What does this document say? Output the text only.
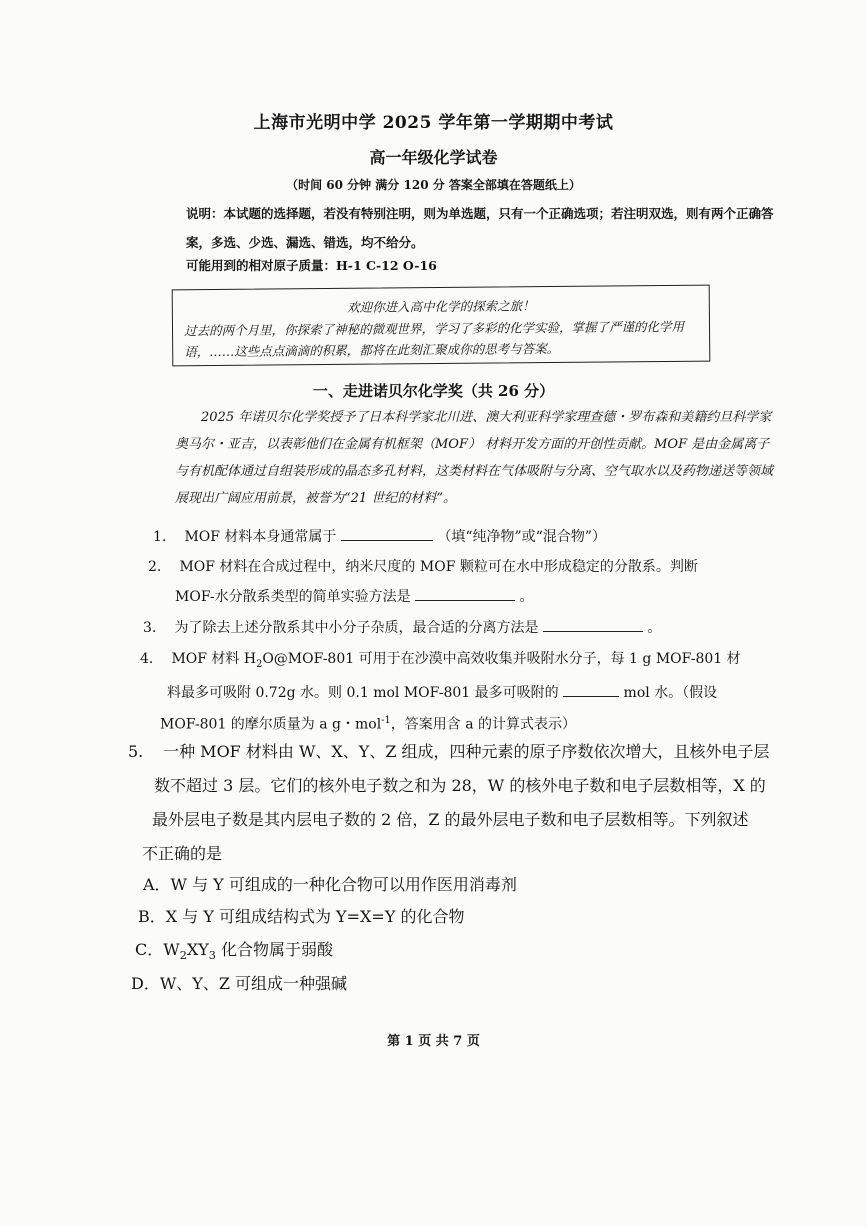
上海市光明中学 2025 学年第一学期期中考试
高一年级化学试卷
（时间 60 分钟 满分 120 分 答案全部填在答题纸上）
说明：本试题的选择题，若没有特别注明，则为单选题，只有一个正确选项；若注明双选，则有两个正确答案，多选、少选、漏选、错选，均不给分。
可能用到的相对原子质量：H-1 C-12 O-16
欢迎你进入高中化学的探索之旅！
过去的两个月里，你探索了神秘的微观世界，学习了多彩的化学实验，掌握了严谨的化学用语，……这些点点滴滴的积累，都将在此刻汇聚成你的思考与答案。
一、走进诺贝尔化学奖（共 26 分）
2025 年诺贝尔化学奖授予了日本科学家北川进、澳大利亚科学家理查德・罗布森和美籍约旦科学家奥马尔・亚吉，以表彰他们在金属有机框架（MOF） 材料开发方面的开创性贡献。MOF 是由金属离子与有机配体通过自组装形成的晶态多孔材料，这类材料在气体吸附与分离、空气取水以及药物递送等领域展现出广阔应用前景，被誉为“21 世纪的材料”。
1. MOF 材料本身通常属于	（填“纯净物”或“混合物”）
2. MOF 材料在合成过程中，纳米尺度的 MOF 颗粒可在水中形成稳定的分散系。判断
MOF-水分散系类型的简单实验方法是	。
3. 为了除去上述分散系其中小分子杂质，最合适的分离方法是	。
4. MOF 材料 $H_2O@MOF-801$ 可用于在沙漠中高效收集并吸附水分子，每 1 g MOF-801 材
料最多可吸附 0.72g 水。则 0.1 mol MOF-801 最多可吸附的	mol 水。（假设
MOF-801 的摩尔质量为 a g・mol$^{-1}$，答案用含 a 的计算式表示）
5. 一种 MOF 材料由 W、X、Y、Z 组成，四种元素的原子序数依次增大，且核外电子层
数不超过 3 层。它们的核外电子数之和为 28，W 的核外电子数和电子层数相等，X 的
最外层电子数是其内层电子数的 2 倍，Z 的最外层电子数和电子层数相等。下列叙述
不正确的是
A．W 与 Y 可组成的一种化合物可以用作医用消毒剂
B．X 与 Y 可组成结构式为 Y=X=Y 的化合物
C．$W_2XY_3$ 化合物属于弱酸
D．W、Y、Z 可组成一种强碱
第 1 页 共 7 页
